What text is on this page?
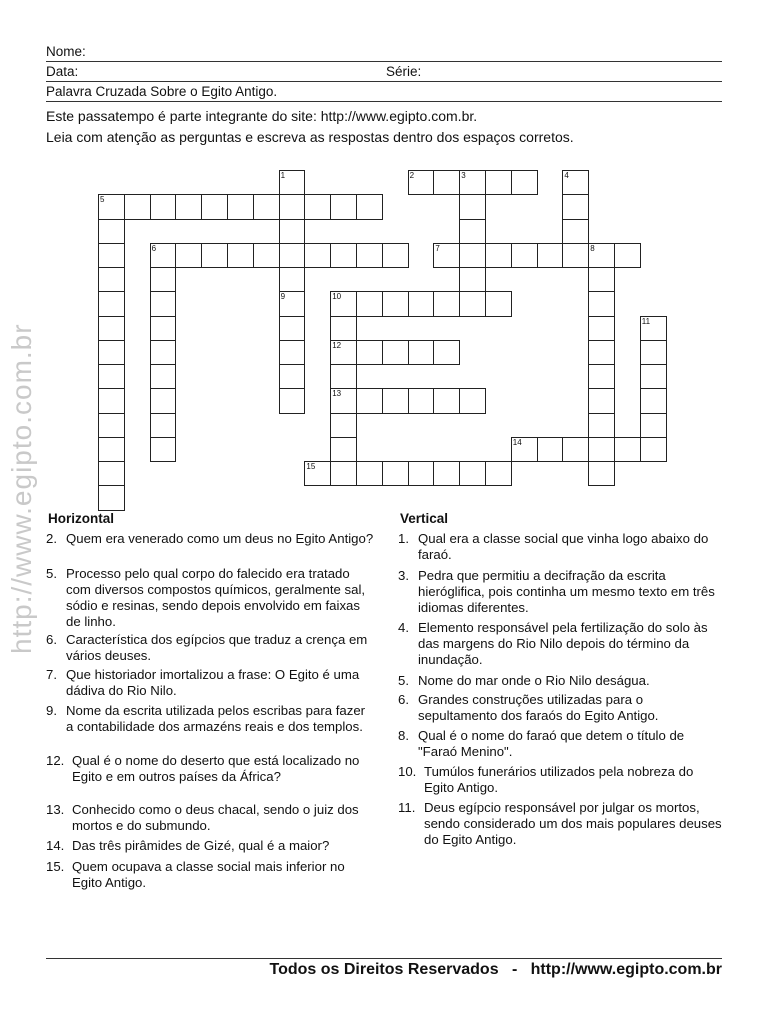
Nome:
Data:	Série:
Palavra Cruzada Sobre o Egito Antigo.
Este passatempo é parte integrante do site: http://www.egipto.com.br.
Leia com atenção as perguntas e escreva as respostas dentro dos espaços corretos.
http://www.egipto.com.br
2	3
5
6	7	8
10
12
13
14
15
1	4
9
11
Horizontal	Vertical
2. Quem era venerado como um deus no Egito Antigo?
5. Processo pelo qual corpo do falecido era tratado com diversos compostos químicos, geralmente sal, sódio e resinas, sendo depois envolvido em faixas de linho.
6. Característica dos egípcios que traduz a crença em vários deuses.
7. Que historiador imortalizou a frase: O Egito é uma dádiva do Rio Nilo.
9. Nome da escrita utilizada pelos escribas para fazer a contabilidade dos armazéns reais e dos templos.
12. Qual é o nome do deserto que está localizado no Egito e em outros países da África?
13. Conhecido como o deus chacal, sendo o juiz dos mortos e do submundo.
14. Das três pirâmides de Gizé, qual é a maior?
15. Quem ocupava a classe social mais inferior no Egito Antigo.
1. Qual era a classe social que vinha logo abaixo do faraó.
3. Pedra que permitiu a decifração da escrita hieróglifica, pois continha um mesmo texto em três idiomas diferentes.
4. Elemento responsável pela fertilização do solo às das margens do Rio Nilo depois do término da inundação.
5. Nome do mar onde o Rio Nilo deságua.
6. Grandes construções utilizadas para o sepultamento dos faraós do Egito Antigo.
8. Qual é o nome do faraó que detem o título de "Faraó Menino".
10. Tumúlos funerários utilizados pela nobreza do Egito Antigo.
11. Deus egípcio responsável por julgar os mortos, sendo considerado um dos mais populares deuses do Egito Antigo.
Todos os Direitos Reservados - http://www.egipto.com.br
